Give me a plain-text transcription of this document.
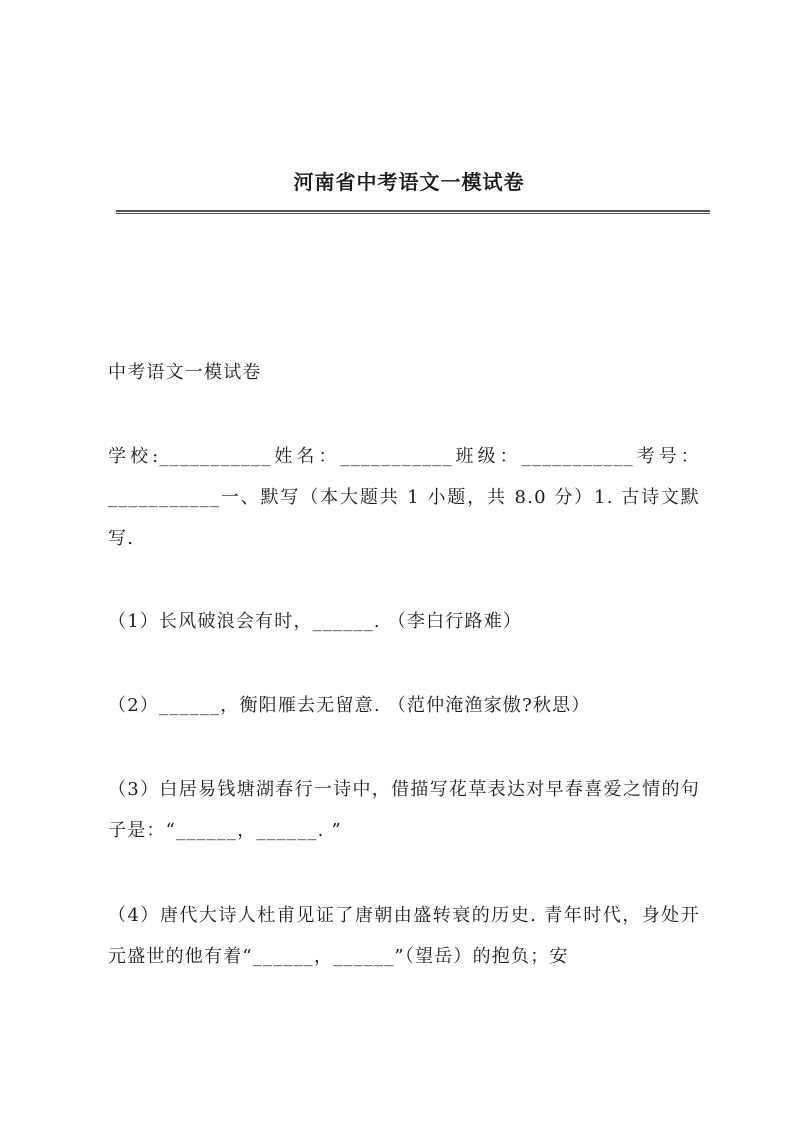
河南省中考语文一模试卷
中考语文一模试卷
学校:___________姓名：___________班级：___________考号：___________一、默写（本大题共 1 小题，共 8.0 分）1. 古诗文默写.
（1）长风破浪会有时，______. （李白行路难）
（2）______，衡阳雁去无留意. （范仲淹渔家傲?秋思）
（3）白居易钱塘湖春行一诗中，借描写花草表达对早春喜爱之情的句子是：“______，______. ”
（4）唐代大诗人杜甫见证了唐朝由盛转衰的历史. 青年时代，身处开元盛世的他有着“______，______”（望岳）的抱负；安
